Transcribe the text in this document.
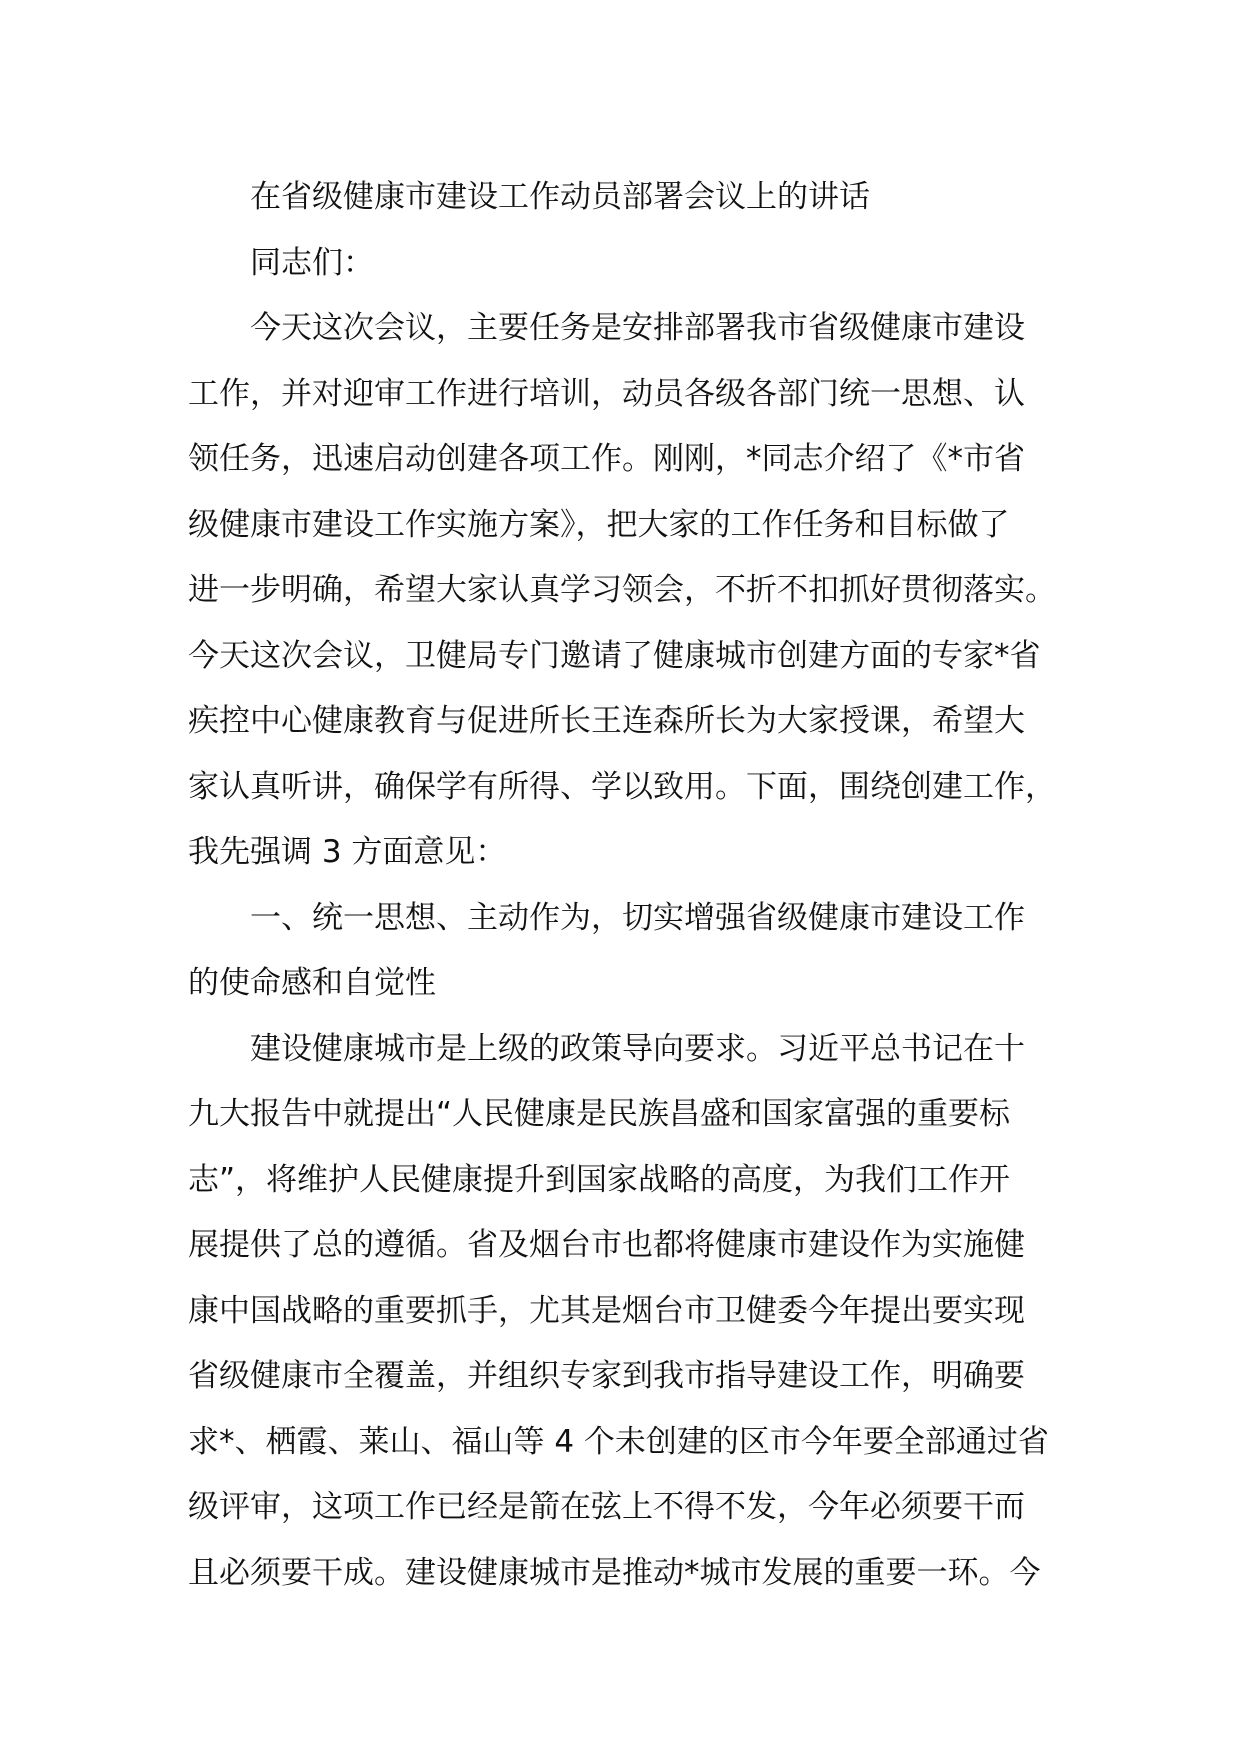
在省级健康市建设工作动员部署会议上的讲话
同志们：
今天这次会议，主要任务是安排部署我市省级健康市建设
工作，并对迎审工作进行培训，动员各级各部门统一思想、认
领任务，迅速启动创建各项工作。刚刚，*同志介绍了《*市省
级健康市建设工作实施方案》，把大家的工作任务和目标做了
进一步明确，希望大家认真学习领会，不折不扣抓好贯彻落实。
今天这次会议，卫健局专门邀请了健康城市创建方面的专家*省
疾控中心健康教育与促进所长王连森所长为大家授课，希望大
家认真听讲，确保学有所得、学以致用。下面，围绕创建工作，
我先强调 3 方面意见：
一、统一思想、主动作为，切实增强省级健康市建设工作
的使命感和自觉性
建设健康城市是上级的政策导向要求。习近平总书记在十
九大报告中就提出“人民健康是民族昌盛和国家富强的重要标
志”，将维护人民健康提升到国家战略的高度，为我们工作开
展提供了总的遵循。省及烟台市也都将健康市建设作为实施健
康中国战略的重要抓手，尤其是烟台市卫健委今年提出要实现
省级健康市全覆盖，并组织专家到我市指导建设工作，明确要
求*、栖霞、莱山、福山等 4 个未创建的区市今年要全部通过省
级评审，这项工作已经是箭在弦上不得不发，今年必须要干而
且必须要干成。建设健康城市是推动*城市发展的重要一环。今
